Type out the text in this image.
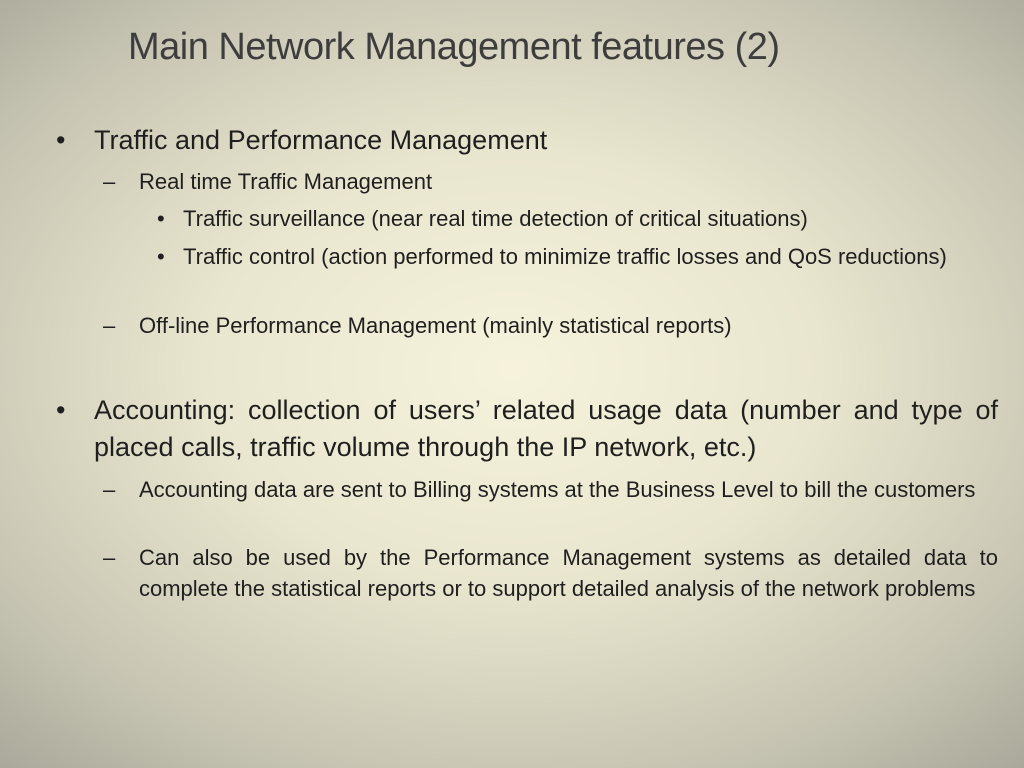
Main Network Management features (2)
• Traffic and Performance Management
– Real time Traffic Management
• Traffic surveillance (near real time detection of critical situations)
• Traffic control (action performed to minimize traffic losses and QoS reductions)
– Off-line Performance Management (mainly statistical reports)
• Accounting: collection of users’ related usage data (number and type of placed calls, traffic volume through the IP network, etc.)
– Accounting data are sent to Billing systems at the Business Level to bill the customers
– Can also be used by the Performance Management systems as detailed data to complete the statistical reports or to support detailed analysis of the network problems
